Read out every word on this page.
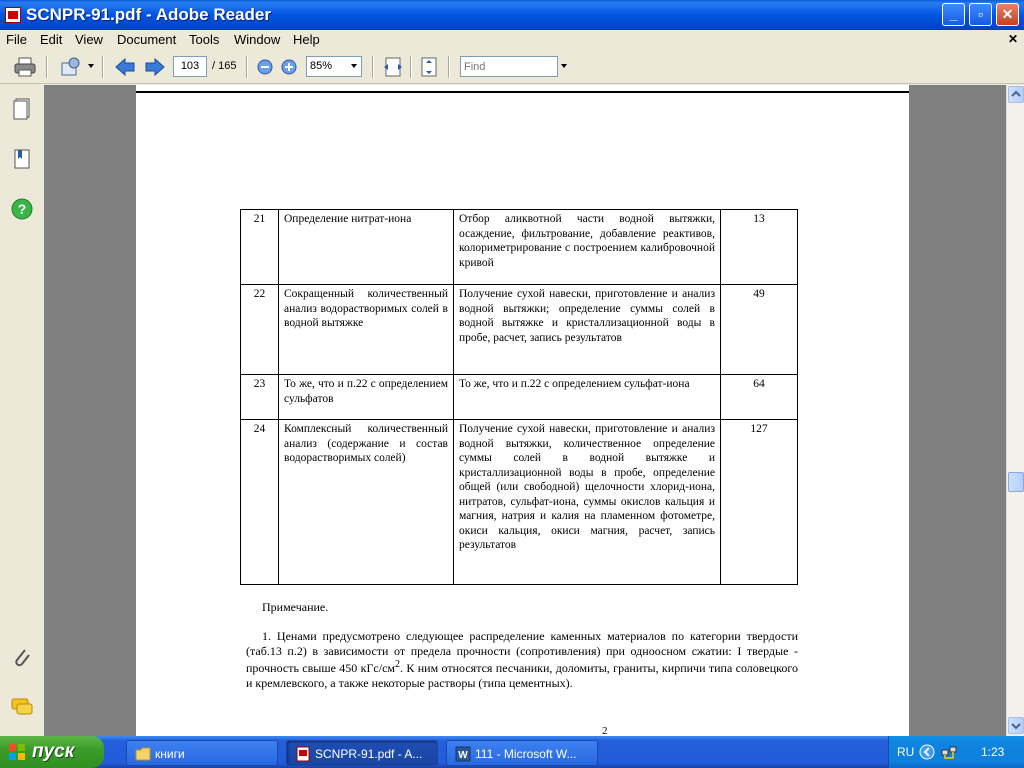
SCNPR-91.pdf - Adobe Reader	_	▫	✕
File Edit View Document Tools Window Help	✕
103	/ 165	85%
Find
?
21	Определение нитрат-иона	Отбор аликвотной части водной вытяжки, осаждение, фильтрование, добавление реактивов, колориметрирование с построением калибровочной кривой	13
22	Сокращенный количественный анализ водорастворимых солей в водной вытяжке	Получение сухой навески, приготовление и анализ водной вытяжки; определение суммы солей в водной вытяжке и кристаллизационной воды в пробе, расчет, запись результатов	49
23	То же, что и п.22 с определением сульфатов	То же, что и п.22 с определением сульфат-иона	64
24	Комплексный количественный анализ (содержание и состав водорастворимых солей)	Получение сухой навески, приготовление и анализ водной вытяжки, количественное определение суммы солей в водной вытяжке и кристаллизационной воды в пробе, определение общей (или свободной) щелочности хлорид-иона, нитратов, сульфат-иона, суммы окислов кальция и магния, натрия и калия на пламенном фотометре, окиси кальция, окиси магния, расчет, запись результатов	127
Примечание.
1. Ценами предусмотрено следующее распределение каменных материалов по категории твердости (таб.13 п.2) в зависимости от предела прочности (сопротивления) при одноосном сжатии: I твердые - прочность свыше 450 кГс/$см^2$. К ним относятся песчаники, доломиты, граниты, кирпичи типа соловецкого и кремлевского, а также некоторые растворы (типа цементных).
2
пуск	книги	SCNPR-91.pdf - A...	W 111 - Microsoft W...	RU	1:23
